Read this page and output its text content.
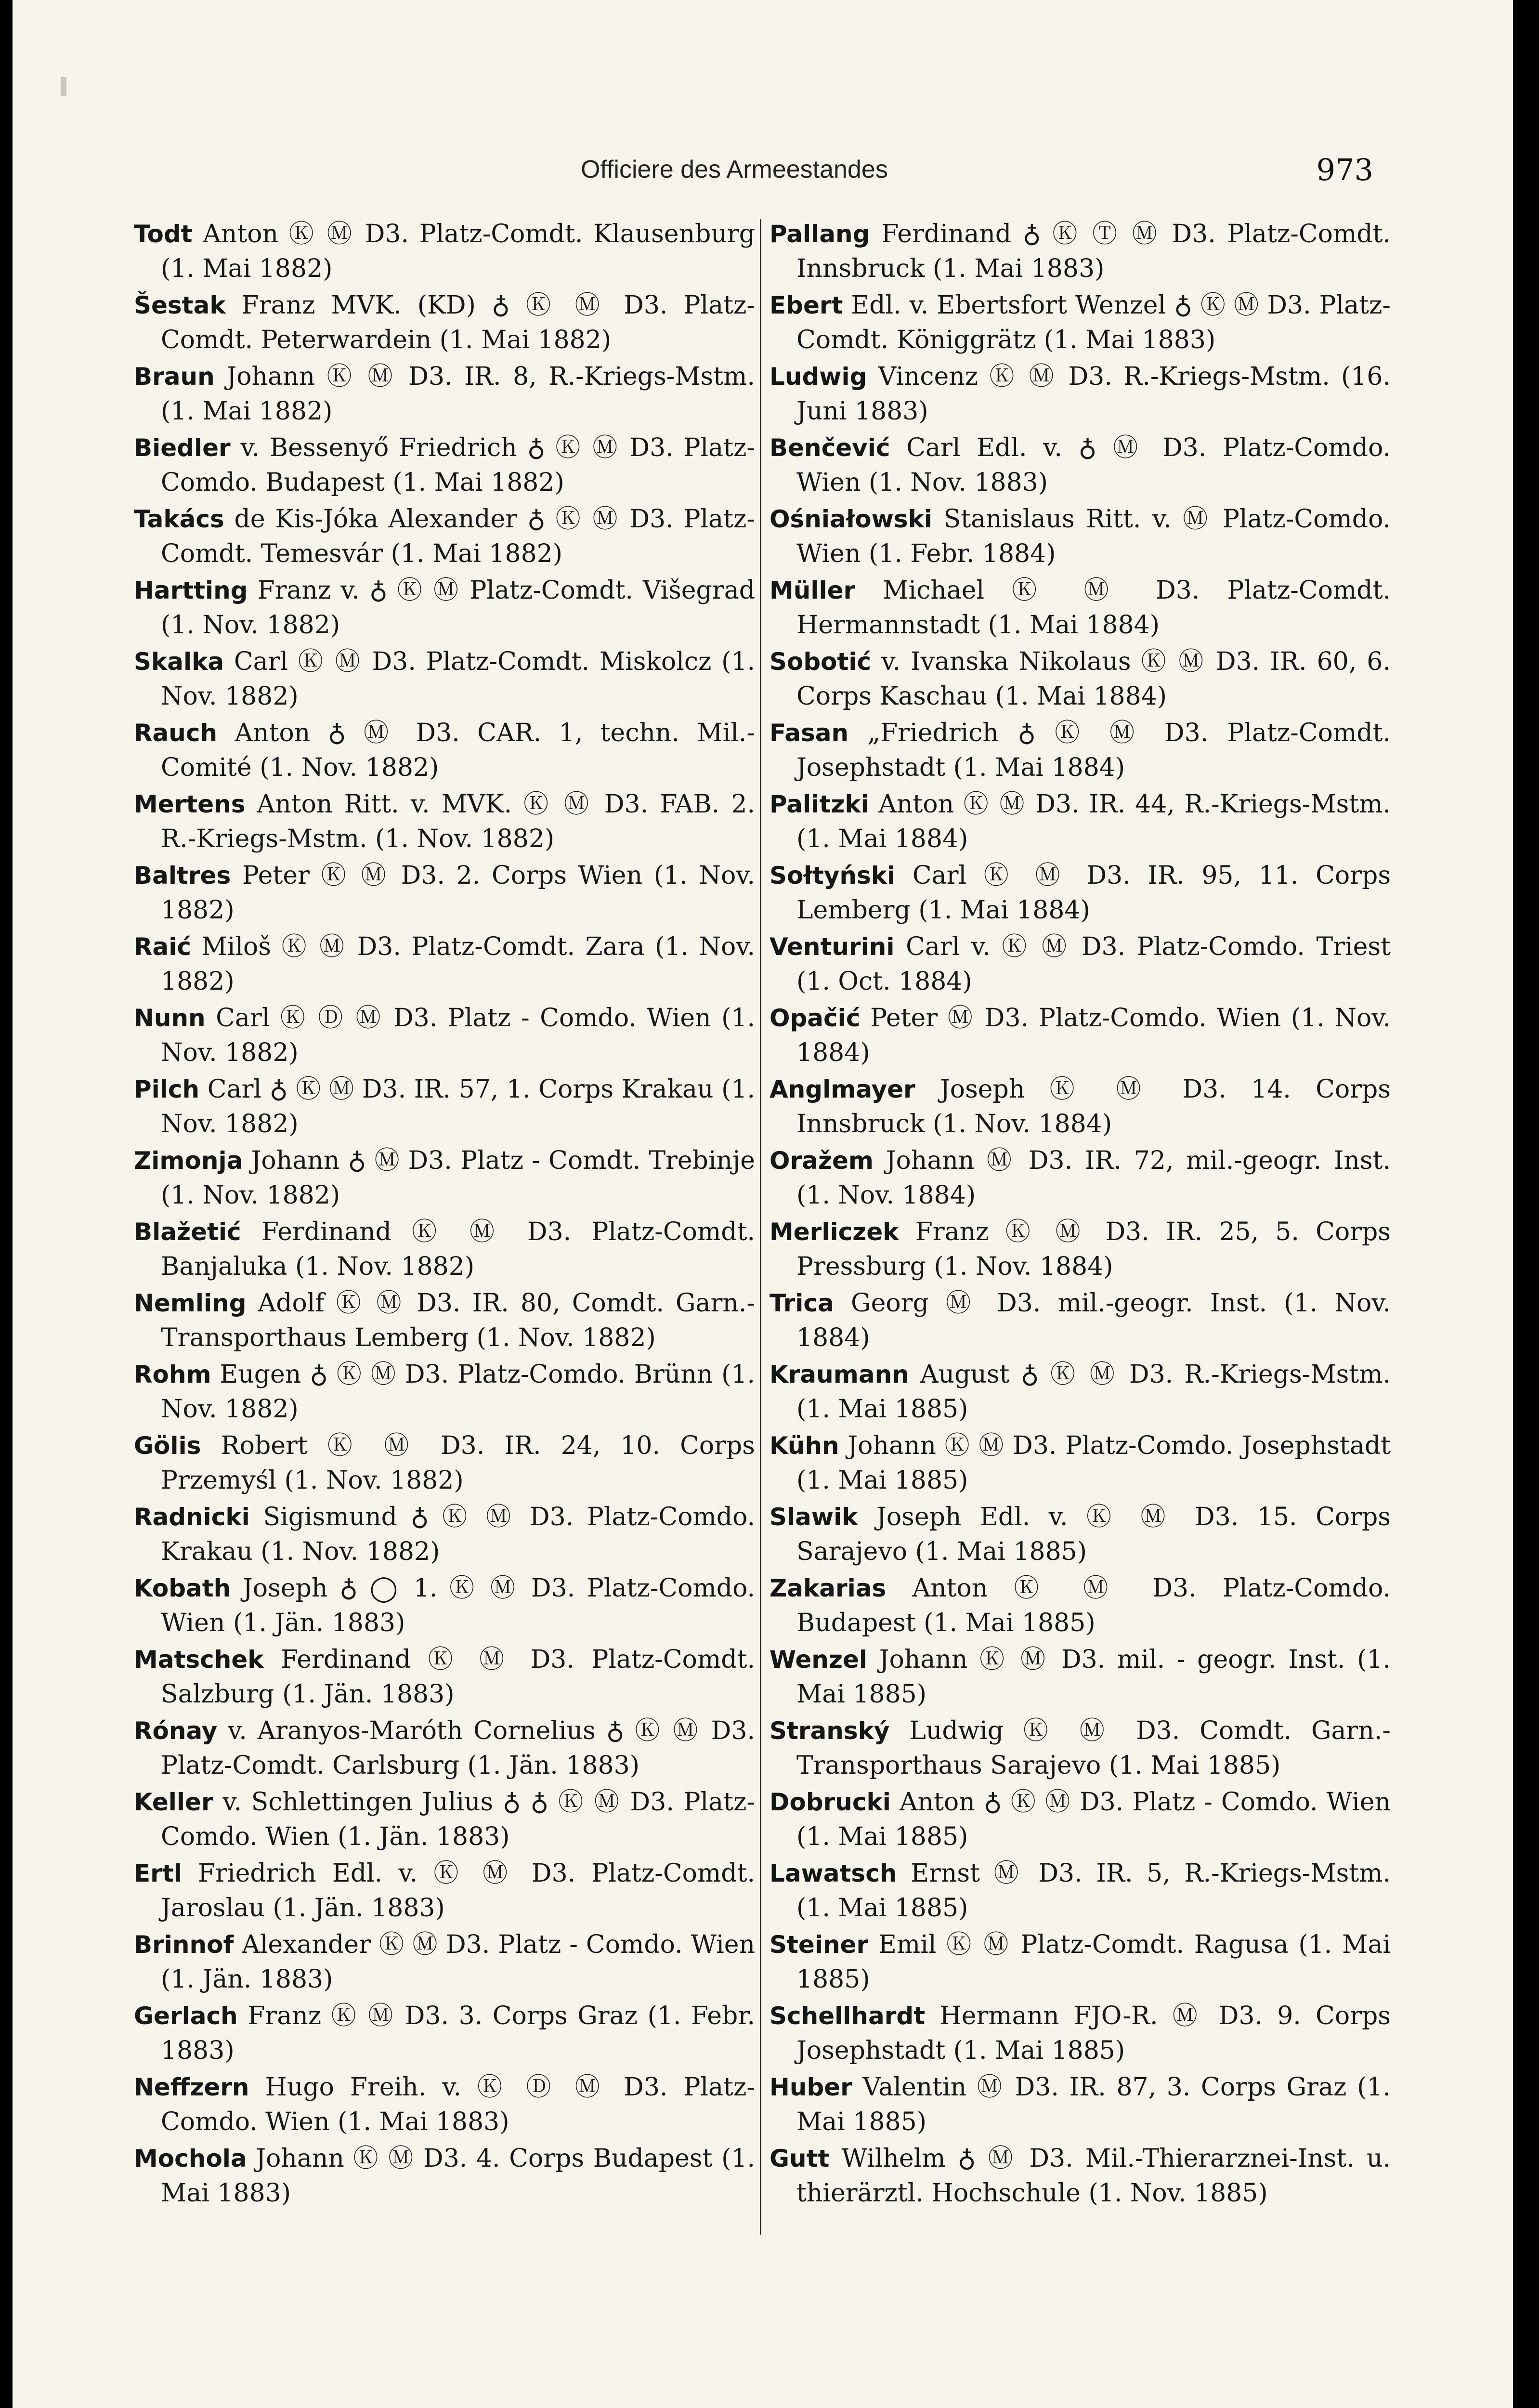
Officiere des Armeestandes	973
Todt Anton Ⓚ Ⓜ D3. Platz-Comdt. Klausenburg (1. Mai 1882)
Šestak Franz MVK. (KD) ♁ Ⓚ Ⓜ D3. Platz-Comdt. Peterwardein (1. Mai 1882)
Braun Johann Ⓚ Ⓜ D3. IR. 8, R.-Kriegs-Mstm. (1. Mai 1882)
Biedler v. Bessenyő Friedrich ♁ Ⓚ Ⓜ D3. Platz-Comdo. Budapest (1. Mai 1882)
Takács de Kis-Jóka Alexander ♁ Ⓚ Ⓜ D3. Platz-Comdt. Temesvár (1. Mai 1882)
Hartting Franz v. ♁ Ⓚ Ⓜ Platz-Comdt. Višegrad (1. Nov. 1882)
Skalka Carl Ⓚ Ⓜ D3. Platz-Comdt. Miskolcz (1. Nov. 1882)
Rauch Anton ♁ Ⓜ D3. CAR. 1, techn. Mil.-Comité (1. Nov. 1882)
Mertens Anton Ritt. v. MVK. Ⓚ Ⓜ D3. FAB. 2. R.-Kriegs-Mstm. (1. Nov. 1882)
Baltres Peter Ⓚ Ⓜ D3. 2. Corps Wien (1. Nov. 1882)
Raić Miloš Ⓚ Ⓜ D3. Platz-Comdt. Zara (1. Nov. 1882)
Nunn Carl Ⓚ Ⓓ Ⓜ D3. Platz - Comdo. Wien (1. Nov. 1882)
Pilch Carl ♁ Ⓚ Ⓜ D3. IR. 57, 1. Corps Krakau (1. Nov. 1882)
Zimonja Johann ♁ Ⓜ D3. Platz - Comdt. Trebinje (1. Nov. 1882)
Blažetić Ferdinand Ⓚ Ⓜ D3. Platz-Comdt. Banjaluka (1. Nov. 1882)
Nemling Adolf Ⓚ Ⓜ D3. IR. 80, Comdt. Garn.-Transporthaus Lemberg (1. Nov. 1882)
Rohm Eugen ♁ Ⓚ Ⓜ D3. Platz-Comdo. Brünn (1. Nov. 1882)
Gölis Robert Ⓚ Ⓜ D3. IR. 24, 10. Corps Przemyśl (1. Nov. 1882)
Radnicki Sigismund ♁ Ⓚ Ⓜ D3. Platz-Comdo. Krakau (1. Nov. 1882)
Kobath Joseph ♁ ◯ 1. Ⓚ Ⓜ D3. Platz-Comdo. Wien (1. Jän. 1883)
Matschek Ferdinand Ⓚ Ⓜ D3. Platz-Comdt. Salzburg (1. Jän. 1883)
Rónay v. Aranyos-Maróth Cornelius ♁ Ⓚ Ⓜ D3. Platz-Comdt. Carlsburg (1. Jän. 1883)
Keller v. Schlettingen Julius ♁ ♁ Ⓚ Ⓜ D3. Platz-Comdo. Wien (1. Jän. 1883)
Ertl Friedrich Edl. v. Ⓚ Ⓜ D3. Platz-Comdt. Jaroslau (1. Jän. 1883)
Brinnof Alexander Ⓚ Ⓜ D3. Platz - Comdo. Wien (1. Jän. 1883)
Gerlach Franz Ⓚ Ⓜ D3. 3. Corps Graz (1. Febr. 1883)
Neffzern Hugo Freih. v. Ⓚ Ⓓ Ⓜ D3. Platz-Comdo. Wien (1. Mai 1883)
Mochola Johann Ⓚ Ⓜ D3. 4. Corps Budapest (1. Mai 1883)
Pallang Ferdinand ♁ Ⓚ Ⓣ Ⓜ D3. Platz-Comdt. Innsbruck (1. Mai 1883)
Ebert Edl. v. Ebertsfort Wenzel ♁ Ⓚ Ⓜ D3. Platz-Comdt. Königgrätz (1. Mai 1883)
Ludwig Vincenz Ⓚ Ⓜ D3. R.-Kriegs-Mstm. (16. Juni 1883)
Benčević Carl Edl. v. ♁ Ⓜ D3. Platz-Comdo. Wien (1. Nov. 1883)
Ośniałowski Stanislaus Ritt. v. Ⓜ Platz-Comdo. Wien (1. Febr. 1884)
Müller Michael Ⓚ Ⓜ D3. Platz-Comdt. Hermannstadt (1. Mai 1884)
Sobotić v. Ivanska Nikolaus Ⓚ Ⓜ D3. IR. 60, 6. Corps Kaschau (1. Mai 1884)
Fasan „Friedrich ♁ Ⓚ Ⓜ D3. Platz-Comdt. Josephstadt (1. Mai 1884)
Palitzki Anton Ⓚ Ⓜ D3. IR. 44, R.-Kriegs-Mstm. (1. Mai 1884)
Sołtyński Carl Ⓚ Ⓜ D3. IR. 95, 11. Corps Lemberg (1. Mai 1884)
Venturini Carl v. Ⓚ Ⓜ D3. Platz-Comdo. Triest (1. Oct. 1884)
Opačić Peter Ⓜ D3. Platz-Comdo. Wien (1. Nov. 1884)
Anglmayer Joseph Ⓚ Ⓜ D3. 14. Corps Innsbruck (1. Nov. 1884)
Oražem Johann Ⓜ D3. IR. 72, mil.-geogr. Inst. (1. Nov. 1884)
Merliczek Franz Ⓚ Ⓜ D3. IR. 25, 5. Corps Pressburg (1. Nov. 1884)
Trica Georg Ⓜ D3. mil.-geogr. Inst. (1. Nov. 1884)
Kraumann August ♁ Ⓚ Ⓜ D3. R.-Kriegs-Mstm. (1. Mai 1885)
Kühn Johann Ⓚ Ⓜ D3. Platz-Comdo. Josephstadt (1. Mai 1885)
Slawik Joseph Edl. v. Ⓚ Ⓜ D3. 15. Corps Sarajevo (1. Mai 1885)
Zakarias Anton Ⓚ Ⓜ D3. Platz-Comdo. Budapest (1. Mai 1885)
Wenzel Johann Ⓚ Ⓜ D3. mil. - geogr. Inst. (1. Mai 1885)
Stranský Ludwig Ⓚ Ⓜ D3. Comdt. Garn.-Transporthaus Sarajevo (1. Mai 1885)
Dobrucki Anton ♁ Ⓚ Ⓜ D3. Platz - Comdo. Wien (1. Mai 1885)
Lawatsch Ernst Ⓜ D3. IR. 5, R.-Kriegs-Mstm. (1. Mai 1885)
Steiner Emil Ⓚ Ⓜ Platz-Comdt. Ragusa (1. Mai 1885)
Schellhardt Hermann FJO-R. Ⓜ D3. 9. Corps Josephstadt (1. Mai 1885)
Huber Valentin Ⓜ D3. IR. 87, 3. Corps Graz (1. Mai 1885)
Gutt Wilhelm ♁ Ⓜ D3. Mil.-Thierarznei-Inst. u. thierärztl. Hochschule (1. Nov. 1885)
